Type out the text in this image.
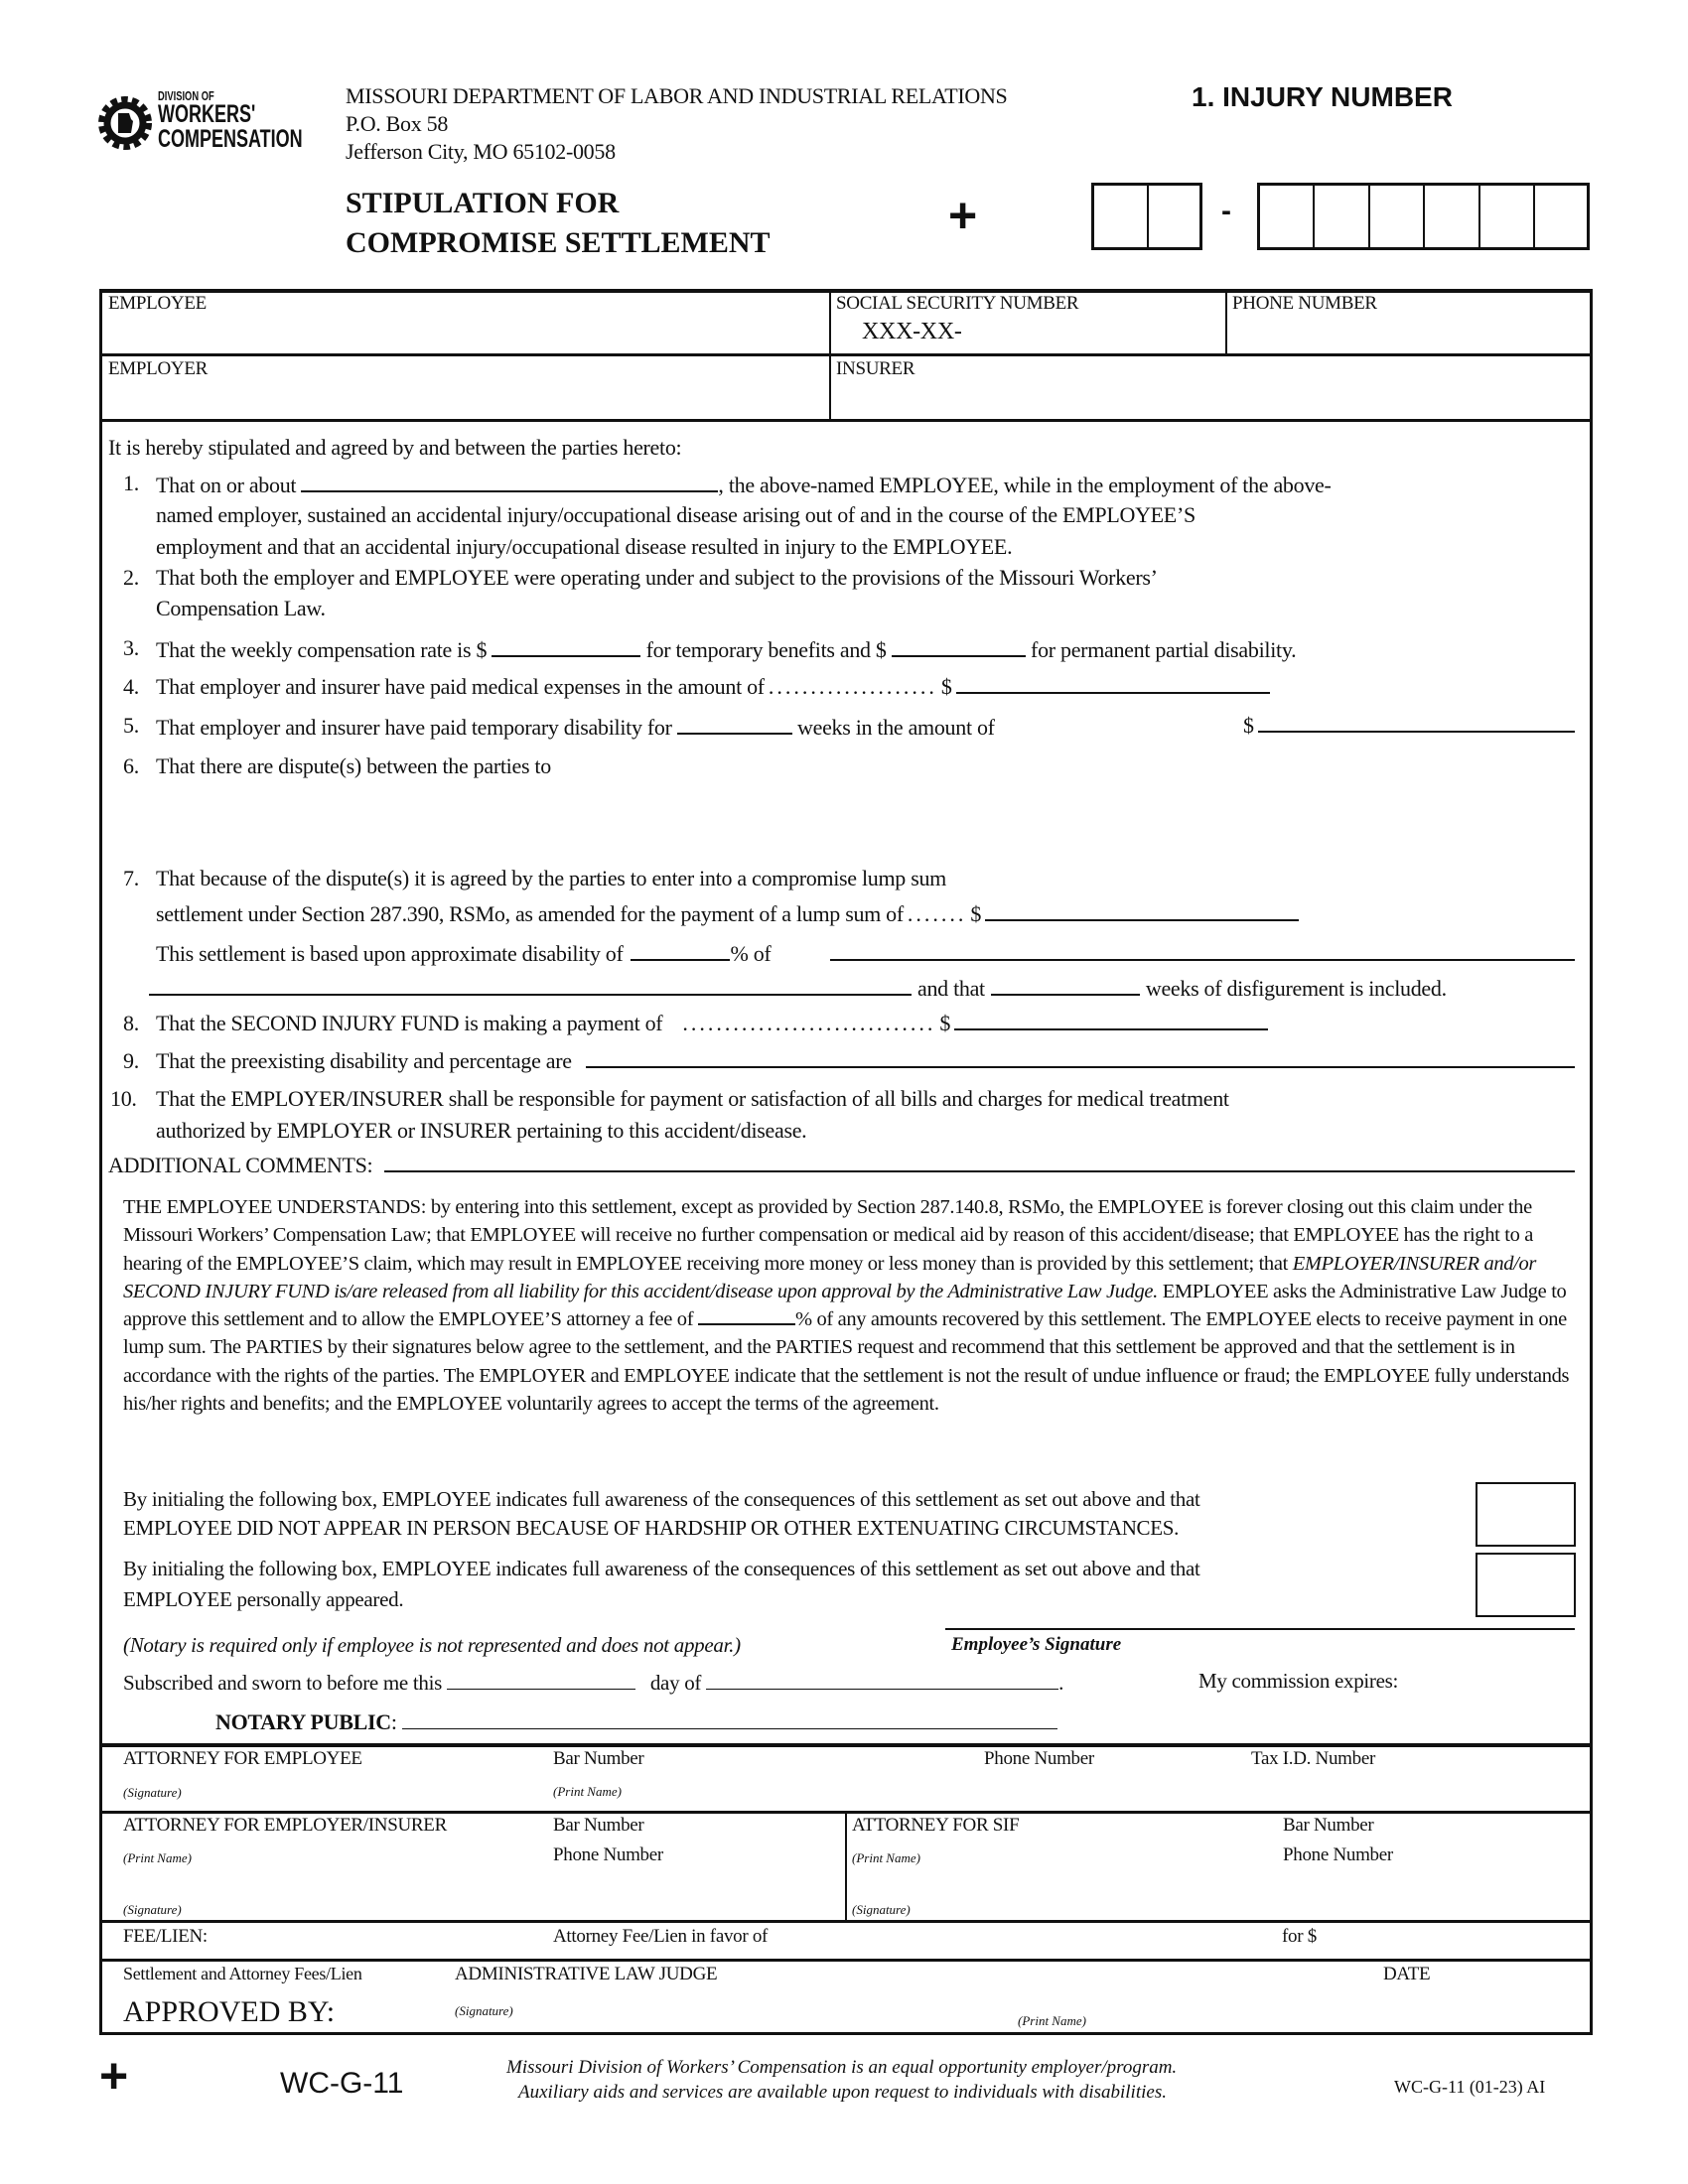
DIVISION OF
WORKERS'
COMPENSATION
MISSOURI DEPARTMENT OF LABOR AND INDUSTRIAL RELATIONS
P.O. Box 58
Jefferson City, MO 65102-0058
STIPULATION FOR
COMPROMISE SETTLEMENT
1. INJURY NUMBER
+	-
EMPLOYEE	SOCIAL SECURITY NUMBER
XXX-XX-
PHONE NUMBER
EMPLOYER	INSURER
It is hereby stipulated and agreed by and between the parties hereto:
1. That on or about	, the above-named EMPLOYEE, while in the employment of the above-
named employer, sustained an accidental injury/occupational disease arising out of and in the course of the EMPLOYEE’S
employment and that an accidental injury/occupational disease resulted in injury to the EMPLOYEE.
2. That both the employer and EMPLOYEE were operating under and subject to the provisions of the Missouri Workers’
Compensation Law.
3. That the weekly compensation rate is $	for temporary benefits and $	for permanent partial disability.
4. That employer and insurer have paid medical expenses in the amount of .................... $
5. That employer and insurer have paid temporary disability for	weeks in the amount of	$
6. That there are dispute(s) between the parties to
7. That because of the dispute(s) it is agreed by the parties to enter into a compromise lump sum
settlement under Section 287.390, RSMo, as amended for the payment of a lump sum of ....... $
This settlement is based upon approximate disability of	% of
and that	weeks of disfigurement is included.
8. That the SECOND INJURY FUND is making a payment of .............................. $
9. That the preexisting disability and percentage are
10. That the EMPLOYER/INSURER shall be responsible for payment or satisfaction of all bills and charges for medical treatment
authorized by EMPLOYER or INSURER pertaining to this accident/disease.
ADDITIONAL COMMENTS:
THE EMPLOYEE UNDERSTANDS: by entering into this settlement, except as provided by Section 287.140.8, RSMo, the EMPLOYEE is forever closing out this claim under the Missouri Workers’ Compensation Law; that EMPLOYEE will receive no further compensation or medical aid by reason of this accident/disease; that EMPLOYEE has the right to a hearing of the EMPLOYEE’S claim, which may result in EMPLOYEE receiving more money or less money than is provided by this settlement; that EMPLOYER/INSURER and/or SECOND INJURY FUND is/are released from all liability for this accident/disease upon approval by the Administrative Law Judge. EMPLOYEE asks the Administrative Law Judge to approve this settlement and to allow the EMPLOYEE’S attorney a fee of	% of any amounts recovered by this settlement. The EMPLOYEE elects to receive payment in one lump sum. The PARTIES by their signatures below agree to the settlement, and the PARTIES request and recommend that this settlement be approved and that the settlement is in accordance with the rights of the parties. The EMPLOYER and EMPLOYEE indicate that the settlement is not the result of undue influence or fraud; the EMPLOYEE fully understands his/her rights and benefits; and the EMPLOYEE voluntarily agrees to accept the terms of the agreement.
By initialing the following box, EMPLOYEE indicates full awareness of the consequences of this settlement as set out above and that
EMPLOYEE DID NOT APPEAR IN PERSON BECAUSE OF HARDSHIP OR OTHER EXTENUATING CIRCUMSTANCES.
By initialing the following box, EMPLOYEE indicates full awareness of the consequences of this settlement as set out above and that
EMPLOYEE personally appeared.
(Notary is required only if employee is not represented and does not appear.)	Employee’s Signature
Subscribed and sworn to before me this	day of	.	My commission expires:
NOTARY PUBLIC:
ATTORNEY FOR EMPLOYEE	Bar Number	Phone Number	Tax I.D. Number
(Signature)	(Print Name)
ATTORNEY FOR EMPLOYER/INSURER	Bar Number
Phone Number
(Print Name)
(Signature)
ATTORNEY FOR SIF	Bar Number
Phone Number
(Print Name)
(Signature)
FEE/LIEN:	Attorney Fee/Lien in favor of	for $
Settlement and Attorney Fees/Lien	ADMINISTRATIVE LAW JUDGE	DATE
APPROVED BY:	(Signature)
(Print Name)
+	WC-G-11	Missouri Division of Workers’ Compensation is an equal opportunity employer/program.
Auxiliary aids and services are available upon request to individuals with disabilities.	WC-G-11 (01-23) AI
